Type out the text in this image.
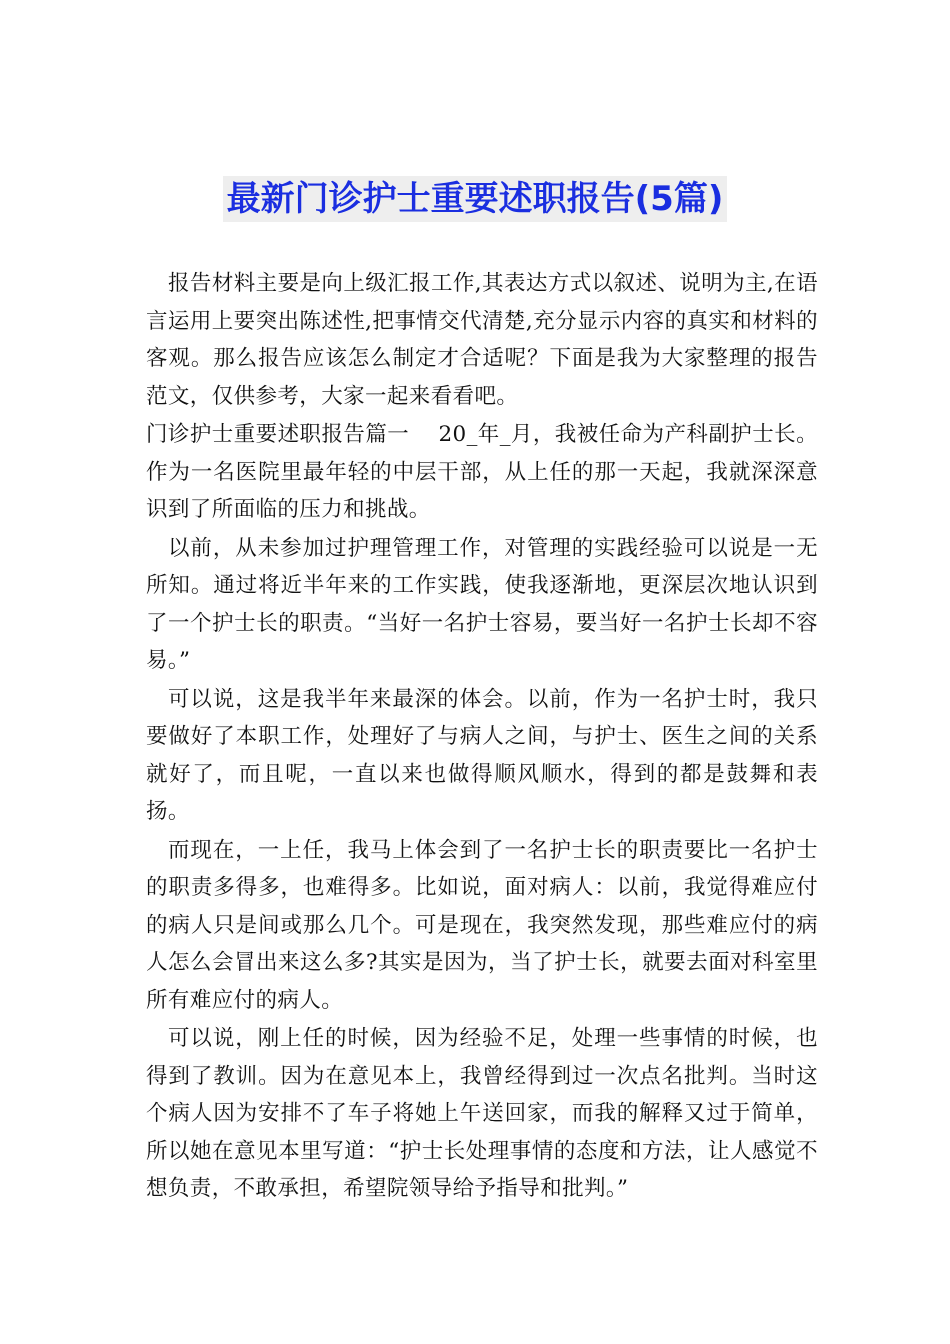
最新门诊护士重要述职报告(5篇)

报告材料主要是向上级汇报工作,其表达方式以叙述、说明为主,在语言运用上要突出陈述性,把事情交代清楚,充分显示内容的真实和材料的客观。那么报告应该怎么制定才合适呢？下面是我为大家整理的报告范文，仅供参考，大家一起来看看吧。

门诊护士重要述职报告篇一　 20_年_月，我被任命为产科副护士长。作为一名医院里最年轻的中层干部，从上任的那一天起，我就深深意识到了所面临的压力和挑战。

以前，从未参加过护理管理工作，对管理的实践经验可以说是一无所知。通过将近半年来的工作实践，使我逐渐地，更深层次地认识到了一个护士长的职责。“当好一名护士容易，要当好一名护士长却不容易。”

可以说，这是我半年来最深的体会。以前，作为一名护士时，我只要做好了本职工作，处理好了与病人之间，与护士、医生之间的关系就好了，而且呢，一直以来也做得顺风顺水，得到的都是鼓舞和表扬。

而现在，一上任，我马上体会到了一名护士长的职责要比一名护士的职责多得多，也难得多。比如说，面对病人：以前，我觉得难应付的病人只是间或那么几个。可是现在，我突然发现，那些难应付的病人怎么会冒出来这么多?其实是因为，当了护士长，就要去面对科室里所有难应付的病人。

可以说，刚上任的时候，因为经验不足，处理一些事情的时候，也得到了教训。因为在意见本上，我曾经得到过一次点名批判。当时这个病人因为安排不了车子将她上午送回家，而我的解释又过于简单，所以她在意见本里写道：“护士长处理事情的态度和方法，让人感觉不想负责，不敢承担，希望院领导给予指导和批判。”
